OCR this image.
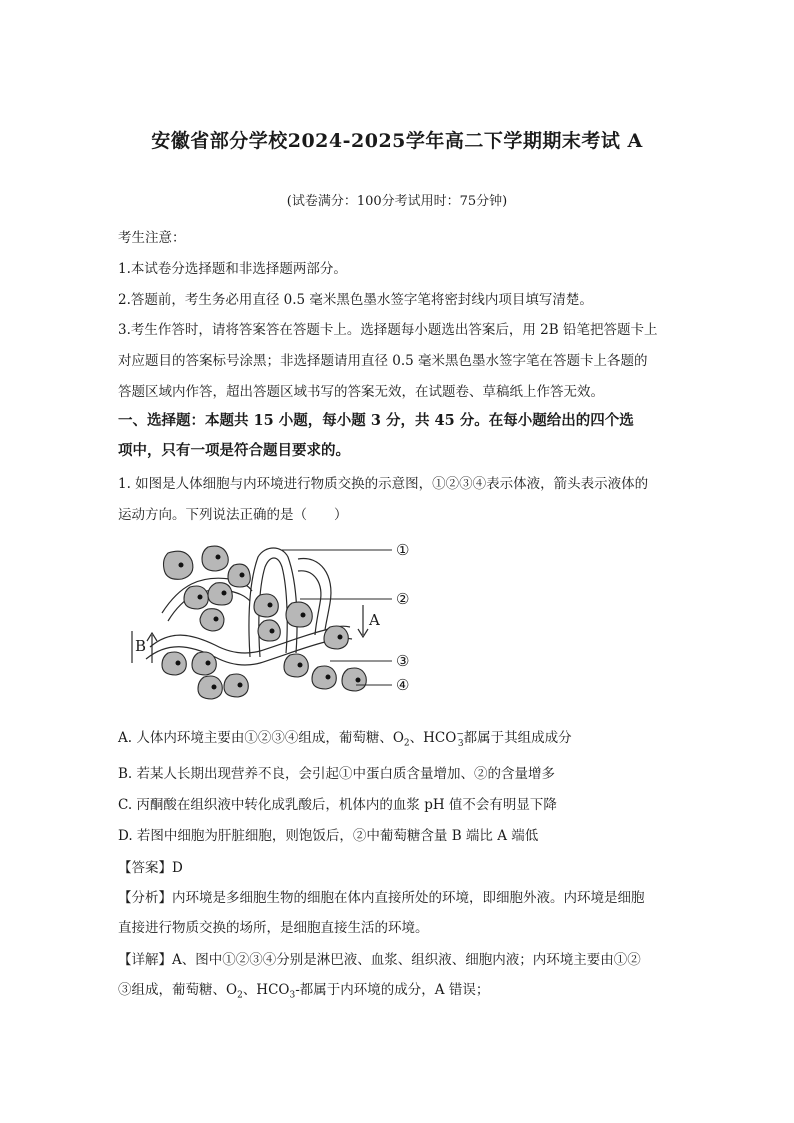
安徽省部分学校2024-2025学年高二下学期期末考试 A
(试卷满分：100分考试用时：75分钟)
考生注意：
1.本试卷分选择题和非选择题两部分。
2.答题前，考生务必用直径 0.5 毫米黑色墨水签字笔将密封线内项目填写清楚。
3.考生作答时，请将答案答在答题卡上。选择题每小题选出答案后，用 2B 铅笔把答题卡上
对应题目的答案标号涂黑；非选择题请用直径 0.5 毫米黑色墨水签字笔在答题卡上各题的
答题区域内作答，超出答题区域书写的答案无效，在试题卷、草稿纸上作答无效。
一、选择题：本题共 15 小题，每小题 3 分，共 45 分。在每小题给出的四个选
项中，只有一项是符合题目要求的。
1. 如图是人体细胞与内环境进行物质交换的示意图，①②③④表示体液，箭头表示液体的
运动方向。下列说法正确的是（　　）
①
②
③
④
A
B
A. 人体内环境主要由①②③④组成，葡萄糖、$O_2$、$HCO^-_3$都属于其组成成分
B. 若某人长期出现营养不良，会引起①中蛋白质含量增加、②的含量增多
C. 丙酮酸在组织液中转化成乳酸后，机体内的血浆 pH 值不会有明显下降
D. 若图中细胞为肝脏细胞，则饱饭后，②中葡萄糖含量 B 端比 A 端低
【答案】D
【分析】内环境是多细胞生物的细胞在体内直接所处的环境，即细胞外液。内环境是细胞
直接进行物质交换的场所，是细胞直接生活的环境。
【详解】A、图中①②③④分别是淋巴液、血浆、组织液、细胞内液；内环境主要由①②
③组成，葡萄糖、$O_2$、$HCO_3-$都属于内环境的成分，A 错误；
